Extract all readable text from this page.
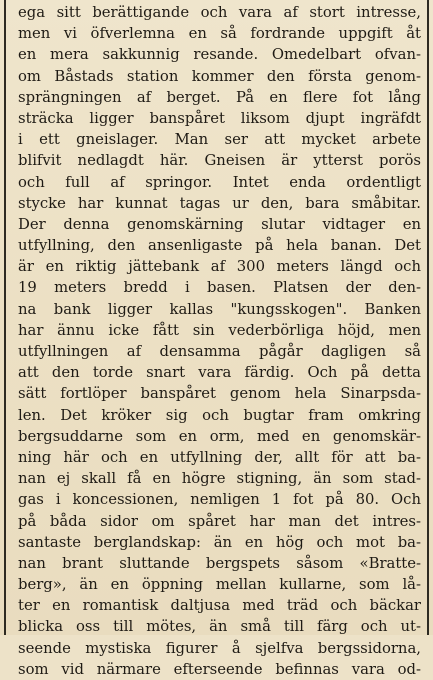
ega sitt berättigande och vara af stort intresse,
men vi öfverlemna en så fordrande uppgift åt
en mera sakkunnig resande. Omedelbart ofvan-
om Båstads station kommer den första genom-
sprängningen af berget. På en flere fot lång
sträcka ligger banspåret liksom djupt ingräfdt
i ett gneislager. Man ser att mycket arbete
blifvit nedlagdt här. Gneisen är ytterst porös
och full af springor. Intet enda ordentligt
stycke har kunnat tagas ur den, bara småbitar.
Der denna genomskärning slutar vidtager en
utfyllning, den ansenligaste på hela banan. Det
är en riktig jättebank af 300 meters längd och
19 meters bredd i basen. Platsen der den-
na bank ligger kallas "kungsskogen". Banken
har ännu icke fått sin vederbörliga höjd, men
utfyllningen af densamma pågår dagligen så
att den torde snart vara färdig. Och på detta
sätt fortlöper banspåret genom hela Sinarpsda-
len. Det kröker sig och bugtar fram omkring
bergsuddarne som en orm, med en genomskär-
ning här och en utfyllning der, allt för att ba-
nan ej skall få en högre stigning, än som stad-
gas i koncessionen, nemligen 1 fot på 80. Och
på båda sidor om spåret har man det intres-
santaste berglandskap: än en hög och mot ba-
nan brant sluttande bergspets såsom «Bratte-
berg», än en öppning mellan kullarne, som lå-
ter en romantisk daltjusa med träd och bäckar
blicka oss till mötes, än små till färg och ut-
seende mystiska figurer å sjelfva bergssidorna,
som vid närmare efterseende befinnas vara od-
